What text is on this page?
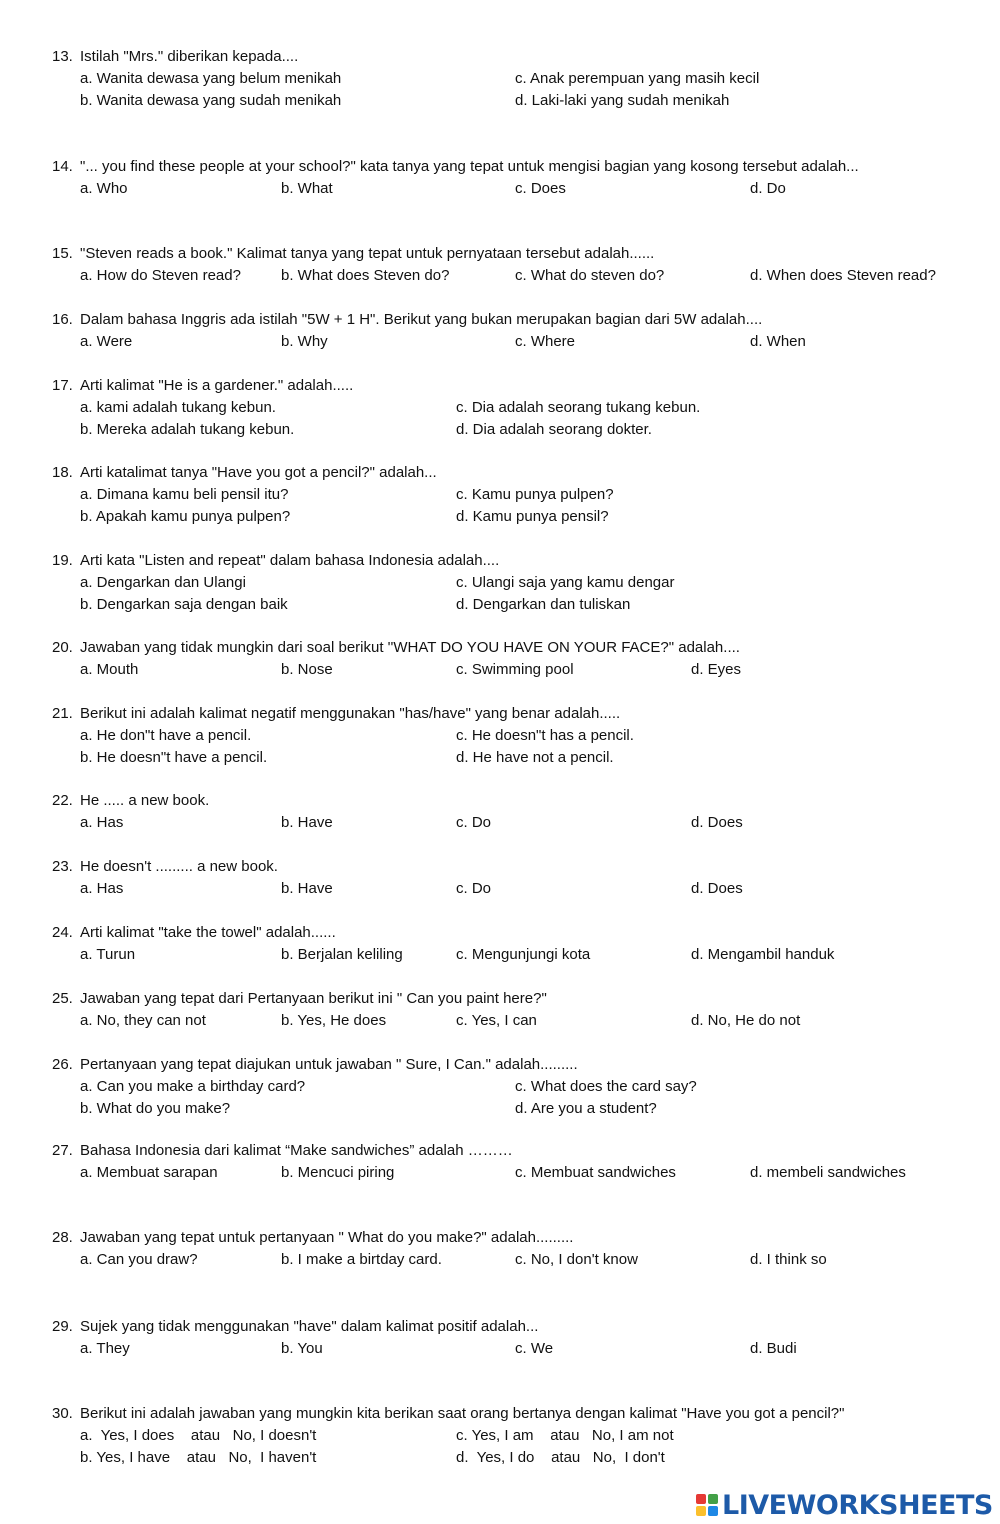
13. Istilah "Mrs." diberikan kepada....
a. Wanita dewasa yang belum menikah	c. Anak perempuan yang masih kecil
b. Wanita dewasa yang sudah menikah	d. Laki-laki yang sudah menikah
14. "... you find these people at your school?" kata tanya yang tepat untuk mengisi bagian yang kosong tersebut adalah...
a. Who	b. What	c. Does	d. Do
15. "Steven reads a book." Kalimat tanya yang tepat untuk pernyataan tersebut adalah......
a. How do Steven read?	b. What does Steven do?	c. What do steven do?	d. When does Steven read?
16. Dalam bahasa Inggris ada istilah "5W + 1 H". Berikut yang bukan merupakan bagian dari 5W adalah....
a. Were	b. Why	c. Where	d. When
17. Arti kalimat "He is a gardener." adalah.....
a. kami adalah tukang kebun.	c. Dia adalah seorang tukang kebun.
b. Mereka adalah tukang kebun.	d. Dia adalah seorang dokter.
18. Arti katalimat tanya "Have you got a pencil?" adalah...
a. Dimana kamu beli pensil itu?	c. Kamu punya pulpen?
b. Apakah kamu punya pulpen?	d. Kamu punya pensil?
19. Arti kata "Listen and repeat" dalam bahasa Indonesia adalah....
a. Dengarkan dan Ulangi	c. Ulangi saja yang kamu dengar
b. Dengarkan saja dengan baik	d. Dengarkan dan tuliskan
20. Jawaban yang tidak mungkin dari soal berikut ''WHAT DO YOU HAVE ON YOUR FACE?" adalah....
a. Mouth	b. Nose	c. Swimming pool	d. Eyes
21. Berikut ini adalah kalimat negatif menggunakan "has/have" yang benar adalah.....
a. He don"t have a pencil.	c. He doesn"t has a pencil.
b. He doesn"t have a pencil.	d. He have not a pencil.
22. He ..... a new book.
a. Has	b. Have	c. Do	d. Does
23. He doesn't ......... a new book.
a. Has	b. Have	c. Do	d. Does
24. Arti kalimat "take the towel" adalah......
a. Turun	b. Berjalan keliling	c. Mengunjungi kota	d. Mengambil handuk
25. Jawaban yang tepat dari Pertanyaan berikut ini " Can you paint here?"
a. No, they can not	b. Yes, He does	c. Yes, I can	d. No, He do not
26. Pertanyaan yang tepat diajukan untuk jawaban " Sure, I Can." adalah.........
a. Can you make a birthday card?	c. What does the card say?
b. What do you make?	d. Are you a student?
27. Bahasa Indonesia dari kalimat “Make sandwiches” adalah ………
a. Membuat sarapan	b. Mencuci piring	c. Membuat sandwiches	d. membeli sandwiches
28. Jawaban yang tepat untuk pertanyaan " What do you make?" adalah.........
a. Can you draw?	b. I make a birtday card.	c. No, I don't know	d. I think so
29. Sujek yang tidak menggunakan "have" dalam kalimat positif adalah...
a. They	b. You	c. We	d. Budi
30. Berikut ini adalah jawaban yang mungkin kita berikan saat orang bertanya dengan kalimat "Have you got a pencil?"
a.  Yes, I does    atau   No, I doesn't	c. Yes, I am    atau   No, I am not
b. Yes, I have    atau   No,  I haven't	d.  Yes, I do    atau   No,  I don't
LIVEWORKSHEETS
